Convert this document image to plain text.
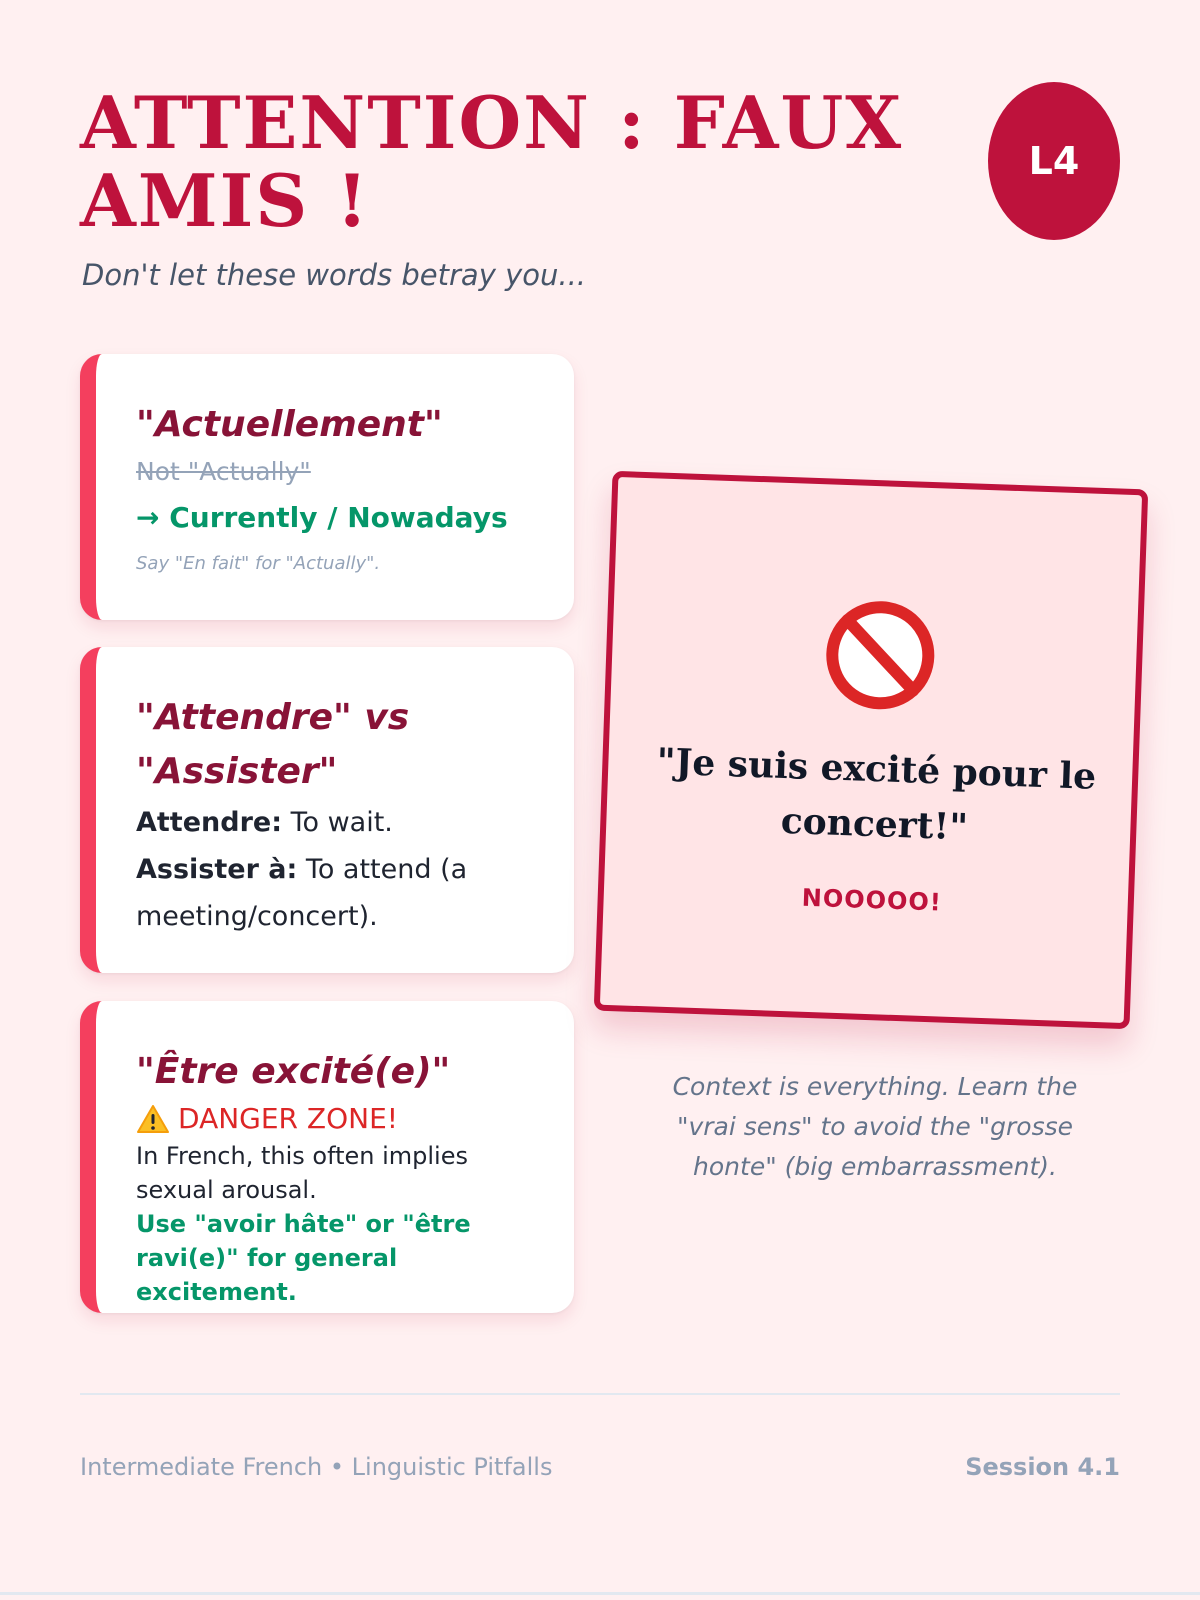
ATTENTION : FAUX AMIS !
Don't let these words betray you...
L4
"Actuellement"
Not "Actually"
→ Currently / Nowadays
Say "En fait" for "Actually".
"Attendre" vs "Assister"
Attendre: To wait.
Assister à: To attend (a meeting/concert).
"Être excité(e)"
DANGER ZONE!
In French, this often implies sexual arousal.
Use "avoir hâte" or "être ravi(e)" for general excitement.
"Je suis excité pour le concert!"
NOOOOO!
Context is everything. Learn the "vrai sens" to avoid the "grosse honte" (big embarrassment).
Intermediate French • Linguistic Pitfalls	Session 4.1
